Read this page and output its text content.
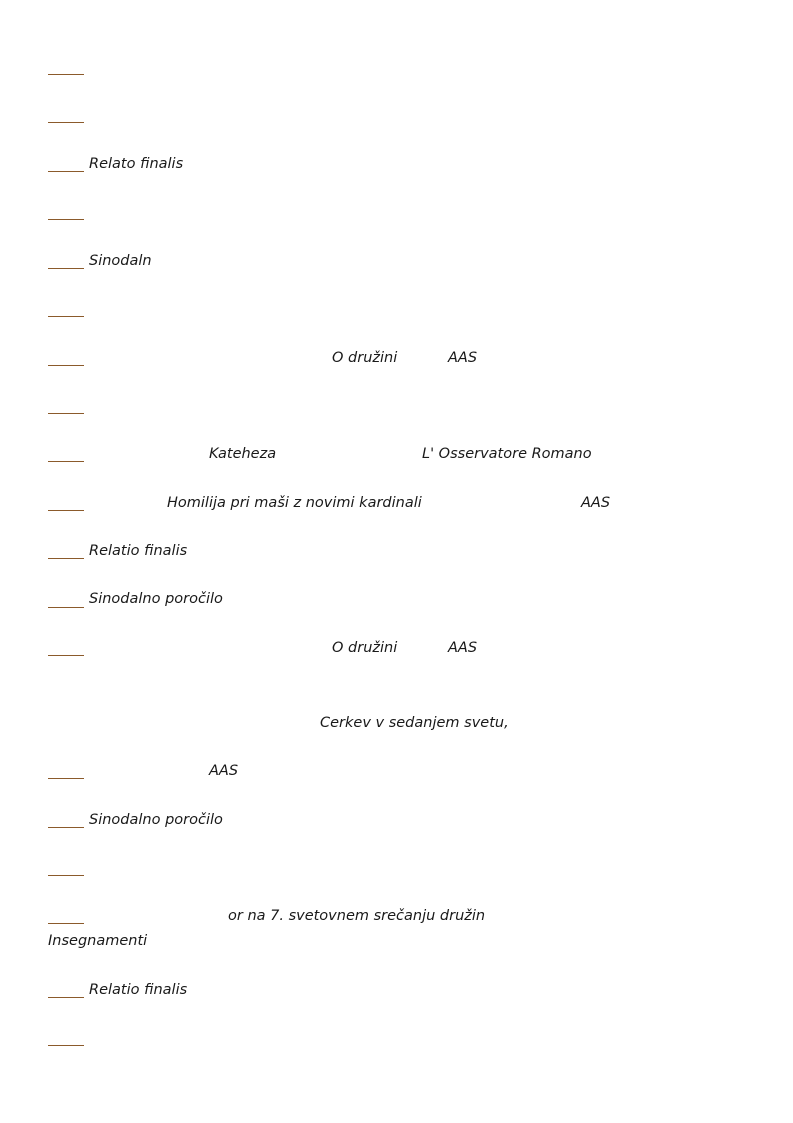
Relato finalis
Sinodaln
O družini	AAS
Kateheza	L' Osservatore Romano
Homilija pri maši z novimi kardinali	AAS
Relatio finalis
Sinodalno poročilo
O družini	AAS
Cerkev v sedanjem svetu,
AAS
Sinodalno poročilo
or na 7. svetovnem srečanju družin
Insegnamenti
Relatio finalis
